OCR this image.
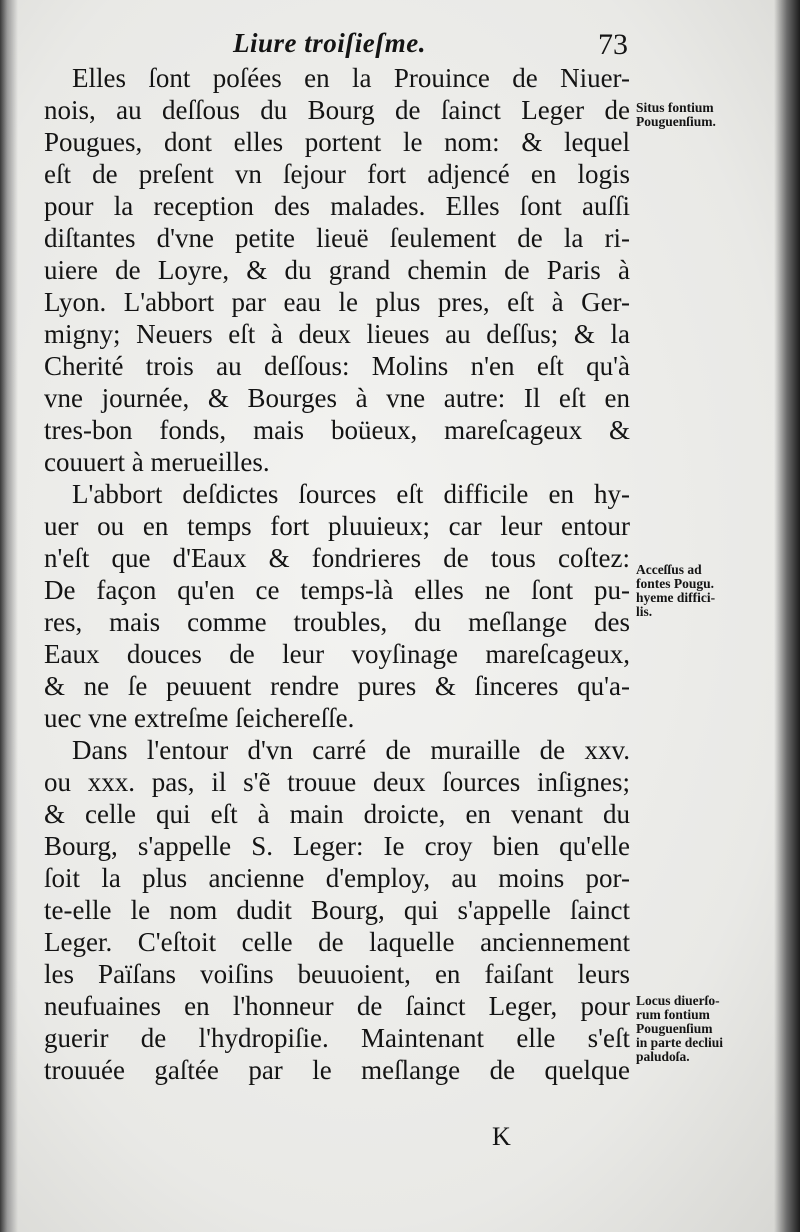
Liure troiſieſme.	73
Elles ſont poſées en la Prouince de Niuer-
nois, au deſſous du Bourg de ſainct Leger de
Pougues, dont elles portent le nom: & lequel
eſt de preſent vn ſejour fort adjencé en logis
pour la reception des malades. Elles ſont auſſi
diſtantes d'vne petite lieuë ſeulement de la ri-
uiere de Loyre, & du grand chemin de Paris à
Lyon. L'abbort par eau le plus pres, eſt à Ger-
migny; Neuers eſt à deux lieues au deſſus; & la
Cherité trois au deſſous: Molins n'en eſt qu'à
vne journée, & Bourges à vne autre: Il eſt en
tres-bon fonds, mais boüeux, mareſcageux &
couuert à merueilles.
L'abbort deſdictes ſources eſt difficile en hy-
uer ou en temps fort pluuieux; car leur entour
n'eſt que d'Eaux & fondrieres de tous coſtez:
De façon qu'en ce temps-là elles ne ſont pu-
res, mais comme troubles, du meſlange des
Eaux douces de leur voyſinage mareſcageux,
& ne ſe peuuent rendre pures & ſinceres qu'a-
uec vne extreſme ſeichereſſe.
Dans l'entour d'vn carré de muraille de xxv.
ou xxx. pas, il s'ẽ trouue deux ſources inſignes;
& celle qui eſt à main droicte, en venant du
Bourg, s'appelle S. Leger: Ie croy bien qu'elle
ſoit la plus ancienne d'employ, au moins por-
te-elle le nom dudit Bourg, qui s'appelle ſainct
Leger. C'eſtoit celle de laquelle anciennement
les Païſans voiſins beuuoient, en faiſant leurs
neufuaines en l'honneur de ſainct Leger, pour
guerir de l'hydropiſie. Maintenant elle s'eſt
trouuée gaſtée par le meſlange de quelque
Situs fontium
Pouguenſium.
Acceſſus ad
fontes Pougu.
hyeme diffici-
lis.
Locus diuerſo-
rum fontium
Pouguenſium
in parte decliui
paludoſa.
K
